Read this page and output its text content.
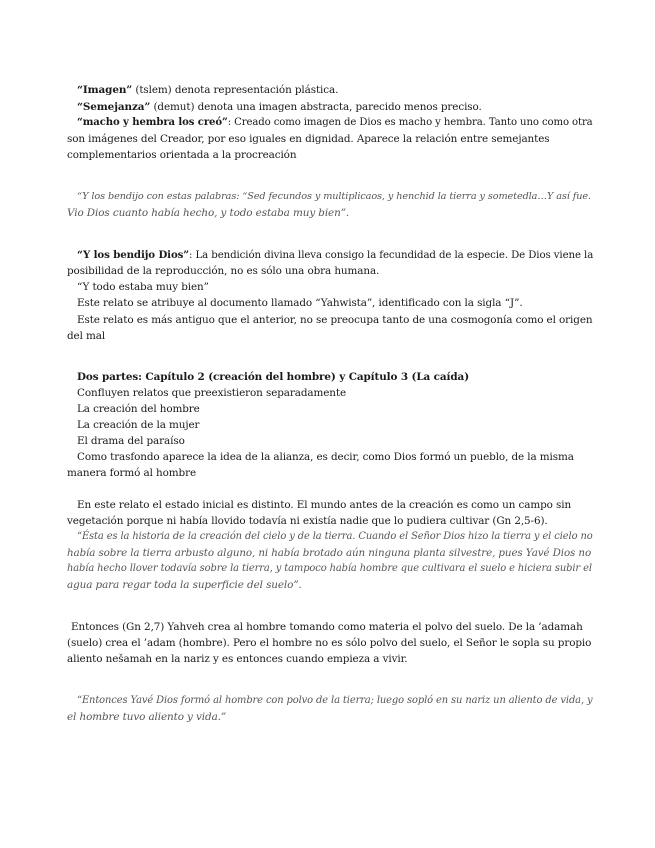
“Imagen” (tslem) denota representación plástica.
“Semejanza” (demut) denota una imagen abstracta, parecido menos preciso.
“macho y hembra los creó”: Creado como imagen de Dios es macho y hembra. Tanto uno como otra
son imágenes del Creador, por eso iguales en dignidad. Aparece la relación entre semejantes
complementarios orientada a la procreación
“Y los bendijo con estas palabras: “Sed fecundos y multiplicaos, y henchid la tierra y sometedla…Y así fue.
Vio Dios cuanto había hecho, y todo estaba muy bien”.
“Y los bendijo Dios”: La bendición divina lleva consigo la fecundidad de la especie. De Dios viene la
posibilidad de la reproducción, no es sólo una obra humana.
“Y todo estaba muy bien”
Este relato se atribuye al documento llamado “Yahwista”, identificado con la sigla “J”.
Este relato es más antiguo que el anterior, no se preocupa tanto de una cosmogonía como el origen
del mal
Dos partes: Capítulo 2 (creación del hombre) y Capítulo 3 (La caída)
Confluyen relatos que preexistieron separadamente
La creación del hombre
La creación de la mujer
El drama del paraíso
Como trasfondo aparece la idea de la alianza, es decir, como Dios formó un pueblo, de la misma
manera formó al hombre
En este relato el estado inicial es distinto. El mundo antes de la creación es como un campo sin
vegetación porque ni había llovido todavía ni existía nadie que lo pudiera cultivar (Gn 2,5-6).
“Ésta es la historia de la creación del cielo y de la tierra. Cuando el Señor Dios hizo la tierra y el cielo no
había sobre la tierra arbusto alguno, ni había brotado aún ninguna planta silvestre, pues Yavé Dios no
había hecho llover todavía sobre la tierra, y tampoco había hombre que cultivara el suelo e hiciera subir el
agua para regar toda la superficie del suelo”.
Entonces (Gn 2,7) Yahveh crea al hombre tomando como materia el polvo del suelo. De la ’adamah
(suelo) crea el ’adam (hombre). Pero el hombre no es sólo polvo del suelo, el Señor le sopla su propio
aliento nešamah en la nariz y es entonces cuando empieza a vivir.
“Entonces Yavé Dios formó al hombre con polvo de la tierra; luego sopló en su nariz un aliento de vida, y
el hombre tuvo aliento y vida.”
